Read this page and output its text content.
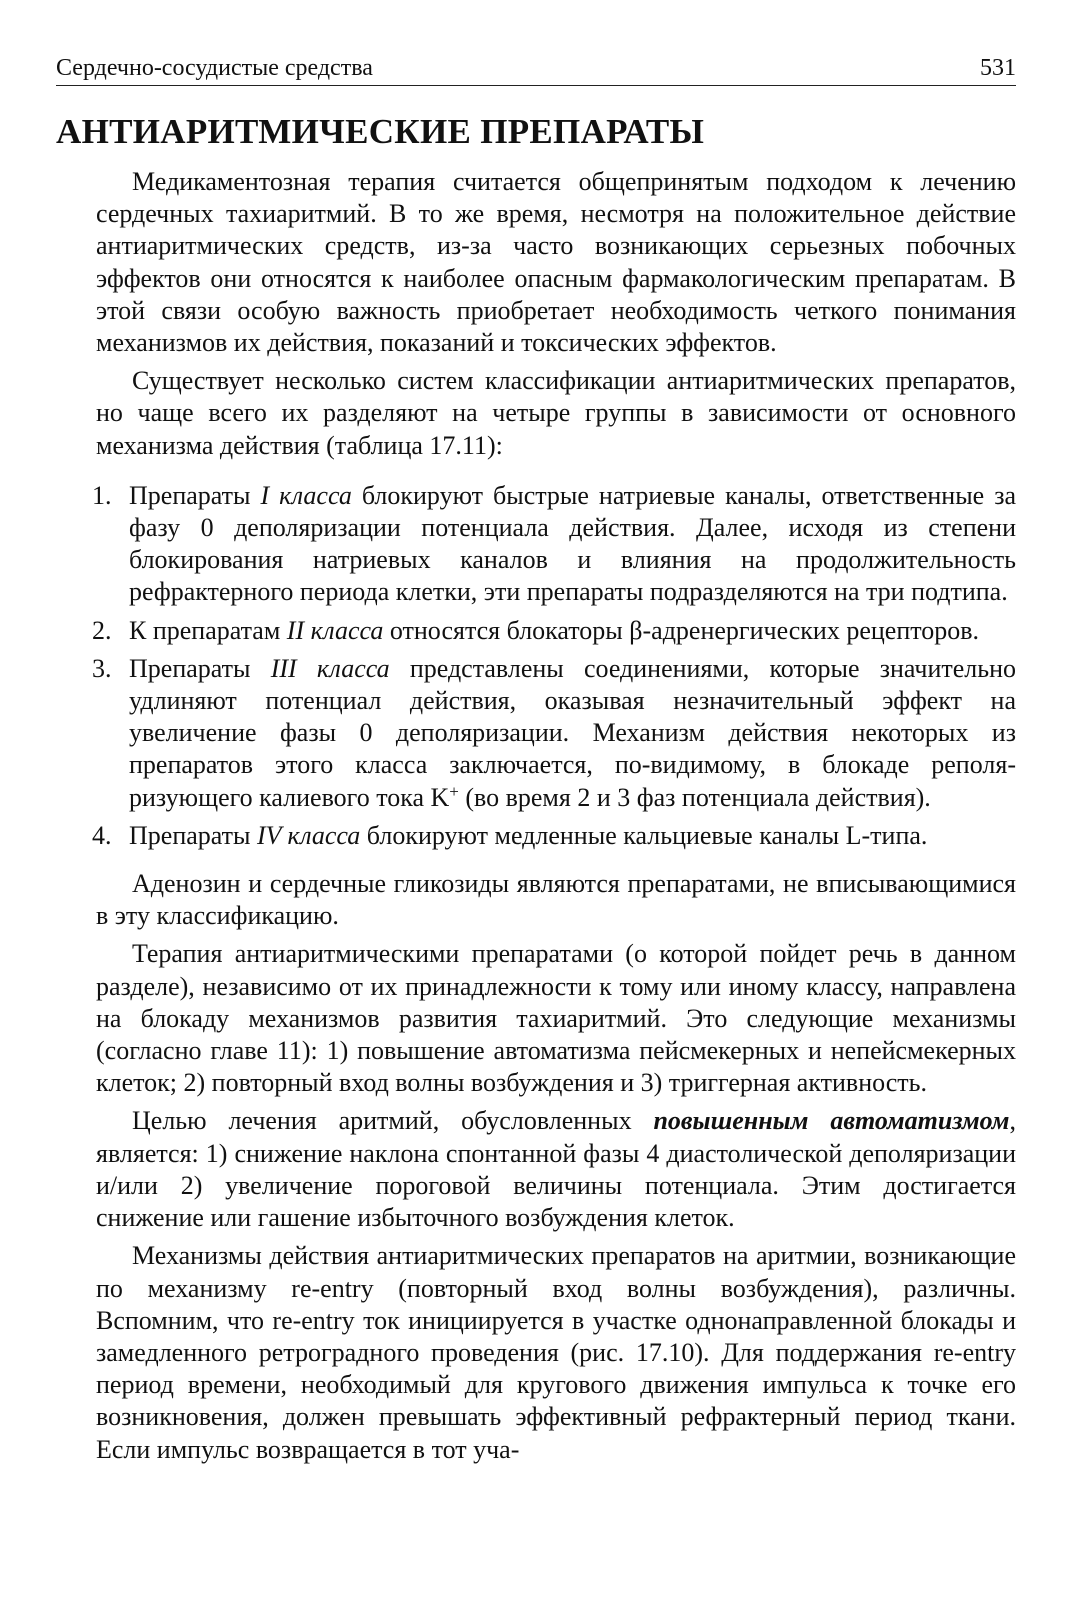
Сердечно-сосудистые средства	531
АНТИАРИТМИЧЕСКИЕ ПРЕПАРАТЫ

Медикаментозная терапия считается общепринятым подходом к лечению сердечных тахиаритмий. В то же время, несмотря на положительное действие антиаритмических средств, из-за часто возникающих серьезных побочных эффектов они относятся к наиболее опасным фармакологическим препаратам. В этой связи особую важность приобретает необходимость четкого понимания механизмов их действия, показаний и токсических эффектов.

Существует несколько систем классификации антиаритмических препаратов, но чаще всего их разделяют на четыре группы в зависимости от основного механизма действия (таблица 17.11):

1. Препараты I класса блокируют быстрые натриевые каналы, ответственные за фазу 0 деполяризации потенциала действия. Далее, исходя из степени блокирования натриевых каналов и влияния на продолжительность рефрактерного периода клетки, эти препараты подразделяются на три подтипа.
2. К препаратам II класса относятся блокаторы β-адренергических рецепторов.
3. Препараты III класса представлены соединениями, которые значительно удлиняют потенциал действия, оказывая незначительный эффект на увеличение фазы 0 деполяризации. Механизм действия некоторых из препаратов этого класса заключается, по-видимому, в блокаде реполяризующего калиевого тока K+ (во время 2 и 3 фаз потенциала действия).
4. Препараты IV класса блокируют медленные кальциевые каналы L-типа.

Аденозин и сердечные гликозиды являются препаратами, не вписывающимися в эту классификацию.

Терапия антиаритмическими препаратами (о которой пойдет речь в данном разделе), независимо от их принадлежности к тому или иному классу, направлена на блокаду механизмов развития тахиаритмий. Это следующие механизмы (согласно главе 11): 1) повышение автоматизма пейсмекерных и непейсмекерных клеток; 2) повторный вход волны возбуждения и 3) триггерная активность.

Целью лечения аритмий, обусловленных повышенным автоматизмом, является: 1) снижение наклона спонтанной фазы 4 диастолической деполяризации и/или 2) увеличение пороговой величины потенциала. Этим достигается снижение или гашение избыточного возбуждения клеток.

Механизмы действия антиаритмических препаратов на аритмии, возникающие по механизму re-entry (повторный вход волны возбуждения), различны. Вспомним, что re-entry ток инициируется в участке однонаправленной блокады и замедленного ретроградного проведения (рис. 17.10). Для поддержания re-entry период времени, необходимый для кругового движения импульса к точке его возникновения, должен превышать эффективный рефрактерный период ткани. Если импульс возвращается в тот уча-
